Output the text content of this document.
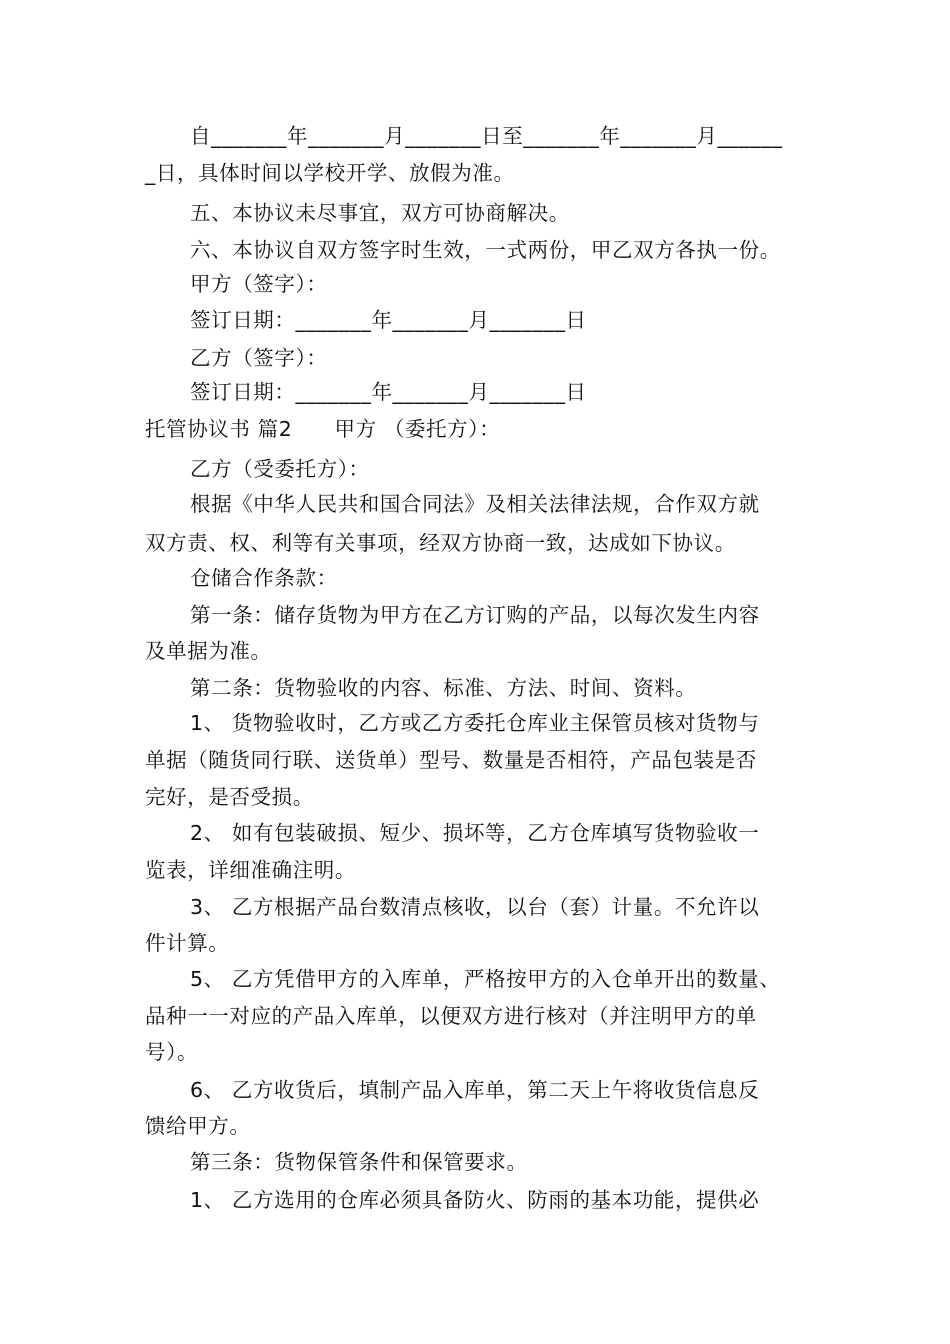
自_______年_______月_______日至_______年_______月______
_日，具体时间以学校开学、放假为准。
五、本协议未尽事宜，双方可协商解决。
六、本协议自双方签字时生效，一式两份，甲乙双方各执一份。
甲方（签字）：
签订日期：_______年_______月_______日
乙方（签字）：
签订日期：_______年_______月_______日
托管协议书 篇2　　甲方 （委托方）：
乙方（受委托方）：
根据《中华人民共和国合同法》及相关法律法规，合作双方就
双方责、权、利等有关事项，经双方协商一致，达成如下协议。
仓储合作条款：
第一条：储存货物为甲方在乙方订购的产品，以每次发生内容
及单据为准。
第二条：货物验收的内容、标准、方法、时间、资料。
1、 货物验收时，乙方或乙方委托仓库业主保管员核对货物与
单据（随货同行联、送货单）型号、数量是否相符，产品包装是否
完好，是否受损。
2、 如有包装破损、短少、损坏等，乙方仓库填写货物验收一
览表，详细准确注明。
3、 乙方根据产品台数清点核收，以台（套）计量。不允许以
件计算。
5、 乙方凭借甲方的入库单，严格按甲方的入仓单开出的数量、
品种一一对应的产品入库单，以便双方进行核对（并注明甲方的单
号）。
6、 乙方收货后，填制产品入库单，第二天上午将收货信息反
馈给甲方。
第三条：货物保管条件和保管要求。
1、 乙方选用的仓库必须具备防火、防雨的基本功能，提供必
